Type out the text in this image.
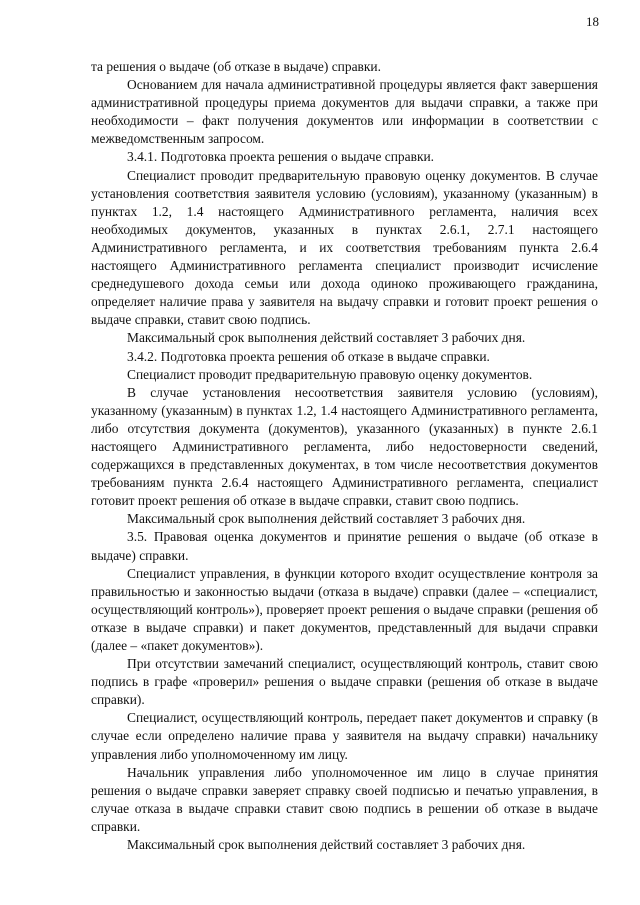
18

та решения о выдаче (об отказе в выдаче) справки.

Основанием для начала административной процедуры является факт завершения административной процедуры приема документов для выдачи справки, а также при необходимости – факт получения документов или информации в соответствии с межведомственным запросом.

3.4.1. Подготовка проекта решения о выдаче справки.

Специалист проводит предварительную правовую оценку документов. В случае установления соответствия заявителя условию (условиям), указанному (указанным) в пунктах 1.2, 1.4 настоящего Административного регламента, наличия всех необходимых документов, указанных в пунктах 2.6.1, 2.7.1 настоящего Административного регламента, и их соответствия требованиям пункта 2.6.4 настоящего Административного регламента специалист производит исчисление среднедушевого дохода семьи или дохода одиноко проживающего гражданина, определяет наличие права у заявителя на выдачу справки и готовит проект решения о выдаче справки, ставит свою подпись.

Максимальный срок выполнения действий составляет 3 рабочих дня.

3.4.2. Подготовка проекта решения об отказе в выдаче справки.

Специалист проводит предварительную правовую оценку документов.

В случае установления несоответствия заявителя условию (условиям), указанному (указанным) в пунктах 1.2, 1.4 настоящего Административного регламента, либо отсутствия документа (документов), указанного (указанных) в пункте 2.6.1 настоящего Административного регламента, либо недостоверности сведений, содержащихся в представленных документах, в том числе несоответствия документов требованиям пункта 2.6.4 настоящего Административного регламента, специалист готовит проект решения об отказе в выдаче справки, ставит свою подпись.

Максимальный срок выполнения действий составляет 3 рабочих дня.

3.5. Правовая оценка документов и принятие решения о выдаче (об отказе в выдаче) справки.

Специалист управления, в функции которого входит осуществление контроля за правильностью и законностью выдачи (отказа в выдаче) справки (далее – «специалист, осуществляющий контроль»), проверяет проект решения о выдаче справки (решения об отказе в выдаче справки) и пакет документов, представленный для выдачи справки (далее – «пакет документов»).

При отсутствии замечаний специалист, осуществляющий контроль, ставит свою подпись в графе «проверил» решения о выдаче справки (решения об отказе в выдаче справки).

Специалист, осуществляющий контроль, передает пакет документов и справку (в случае если определено наличие права у заявителя на выдачу справки) начальнику управления либо уполномоченному им лицу.

Начальник управления либо уполномоченное им лицо в случае принятия решения о выдаче справки заверяет справку своей подписью и печатью управления, в случае отказа в выдаче справки ставит свою подпись в решении об отказе в выдаче справки.

Максимальный срок выполнения действий составляет 3 рабочих дня.
